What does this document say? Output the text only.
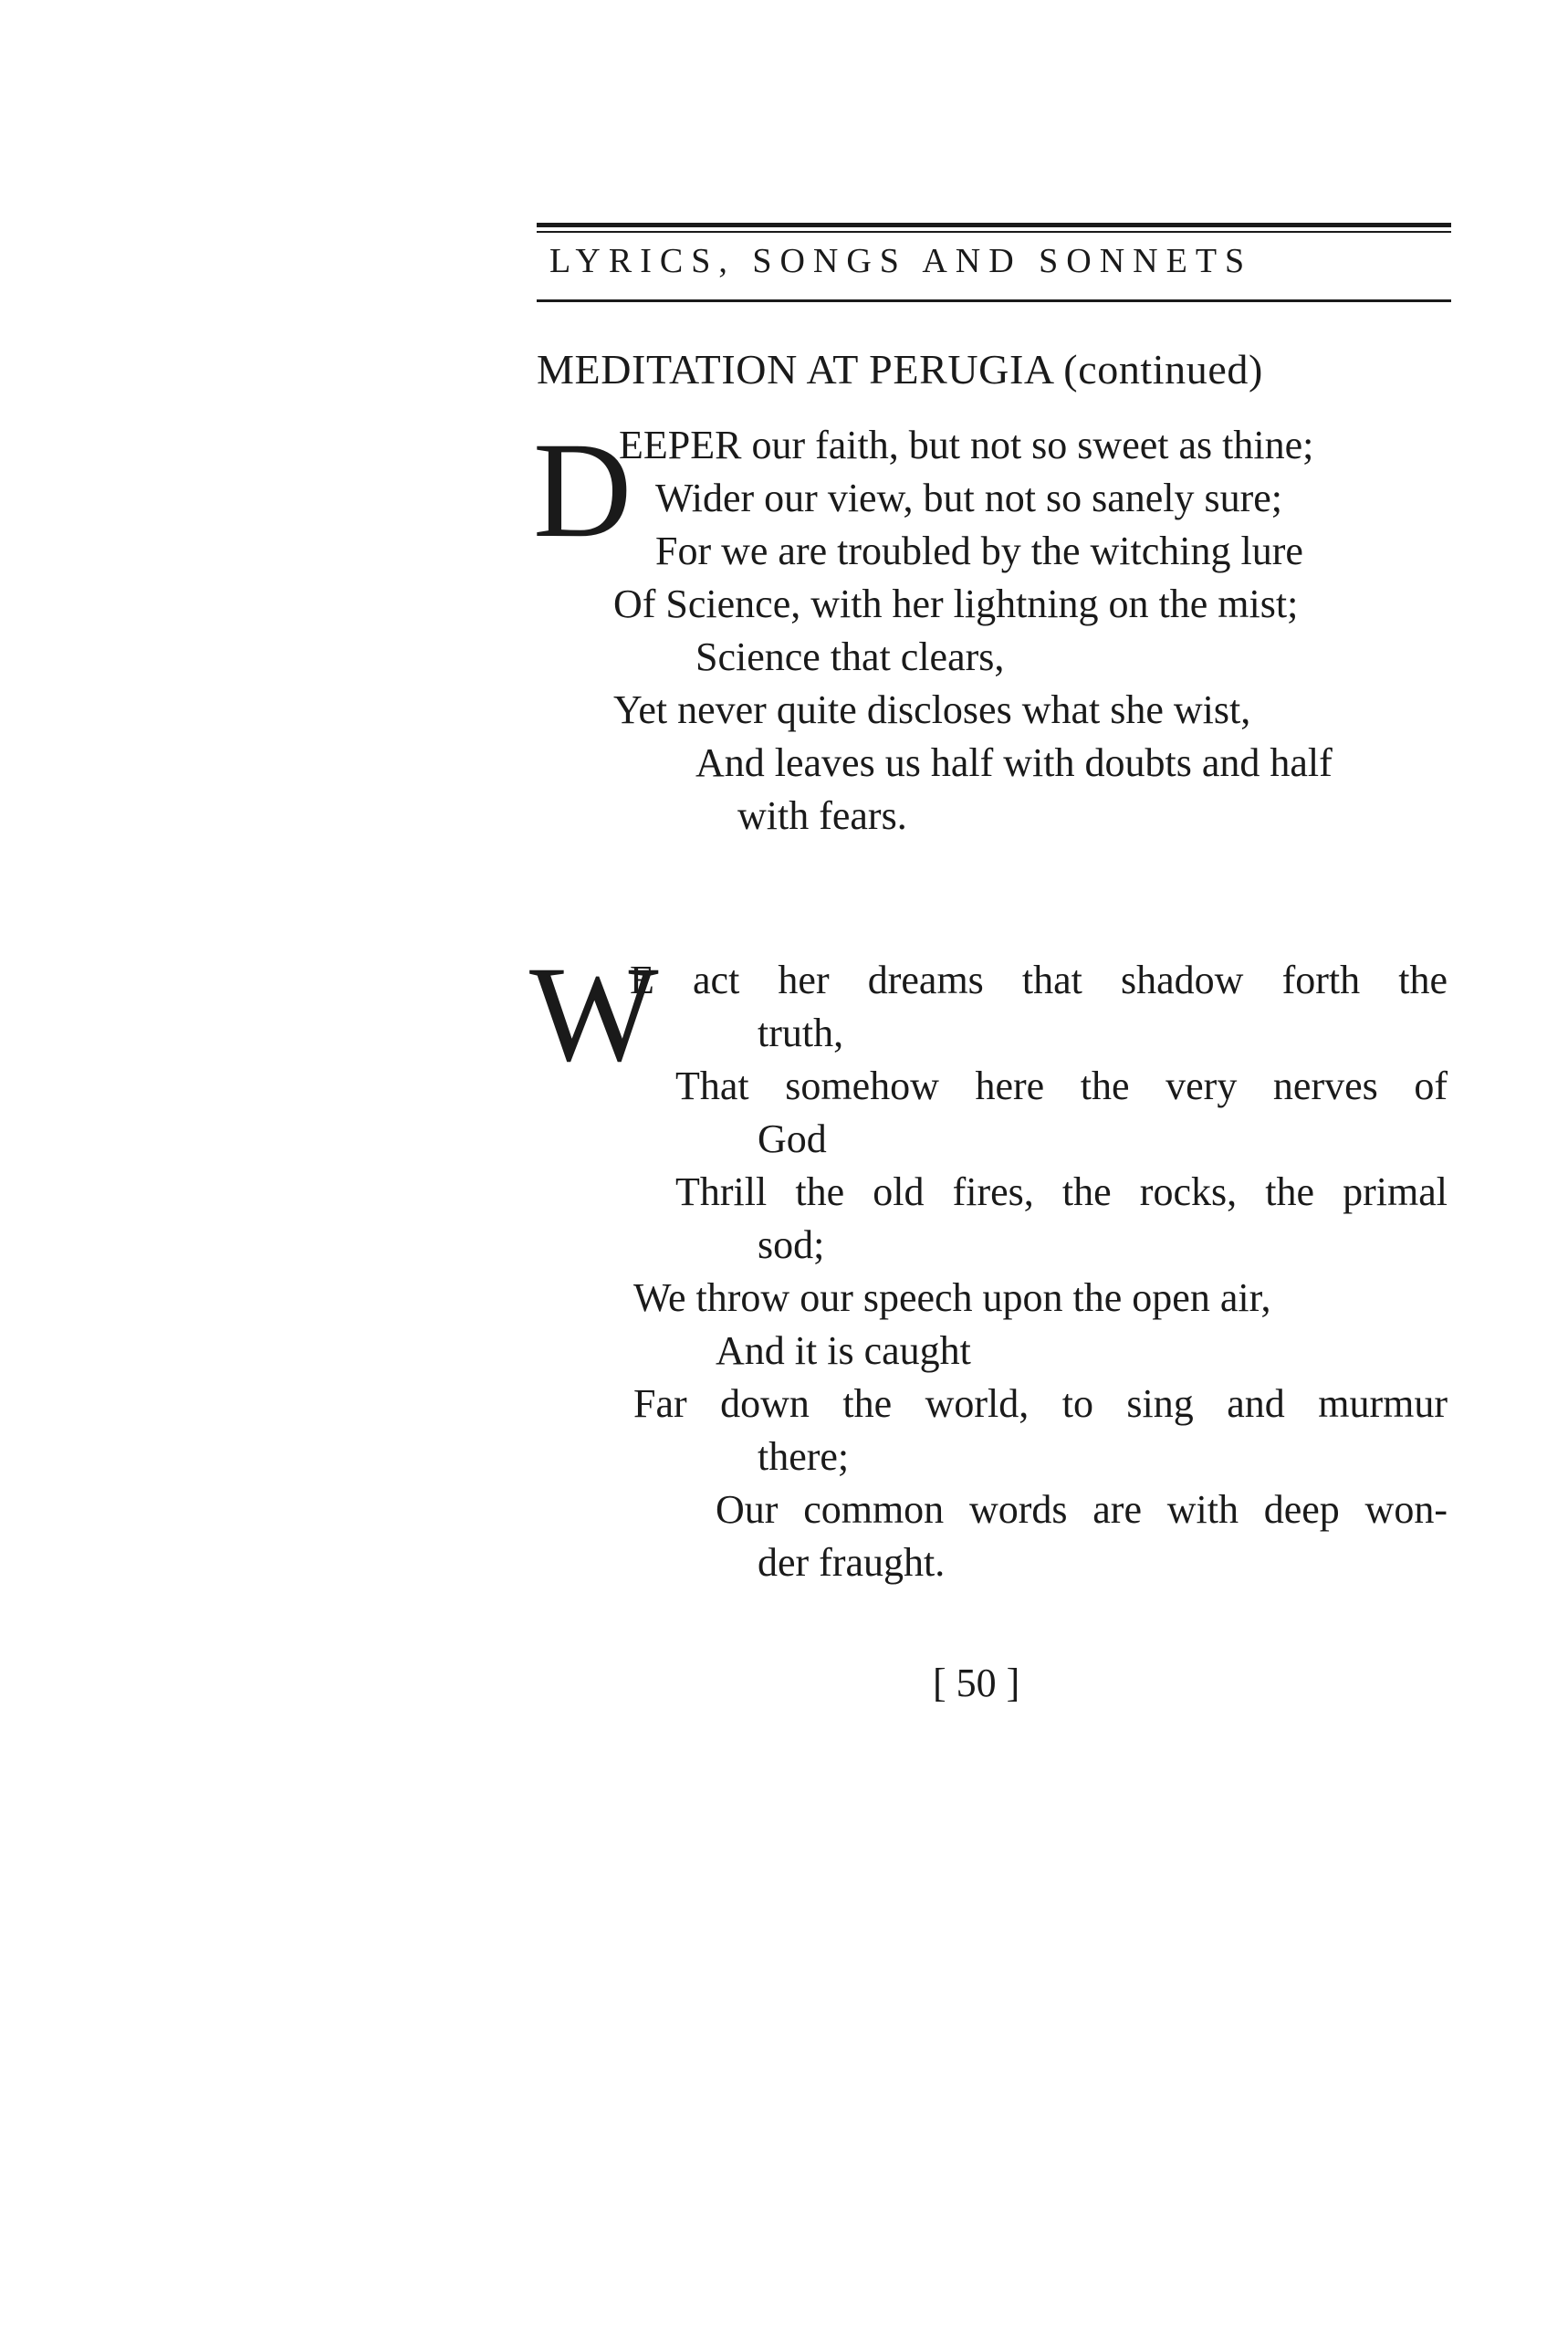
LYRICS, SONGS AND SONNETS
MEDITATION AT PERUGIA (continued)
D
EEPER our faith, but not so sweet as thine;
Wider our view, but not so sanely sure;
For we are troubled by the witching lure
Of Science, with her lightning on the mist;
Science that clears,
Yet never quite discloses what she wist,
And leaves us half with doubts and half
with fears.
W
E act her dreams that shadow forth the
truth,
That somehow here the very nerves of
God
Thrill the old fires, the rocks, the primal
sod;
We throw our speech upon the open air,
And it is caught
Far down the world, to sing and murmur
there;
Our common words are with deep won-
der fraught.
[ 50 ]
